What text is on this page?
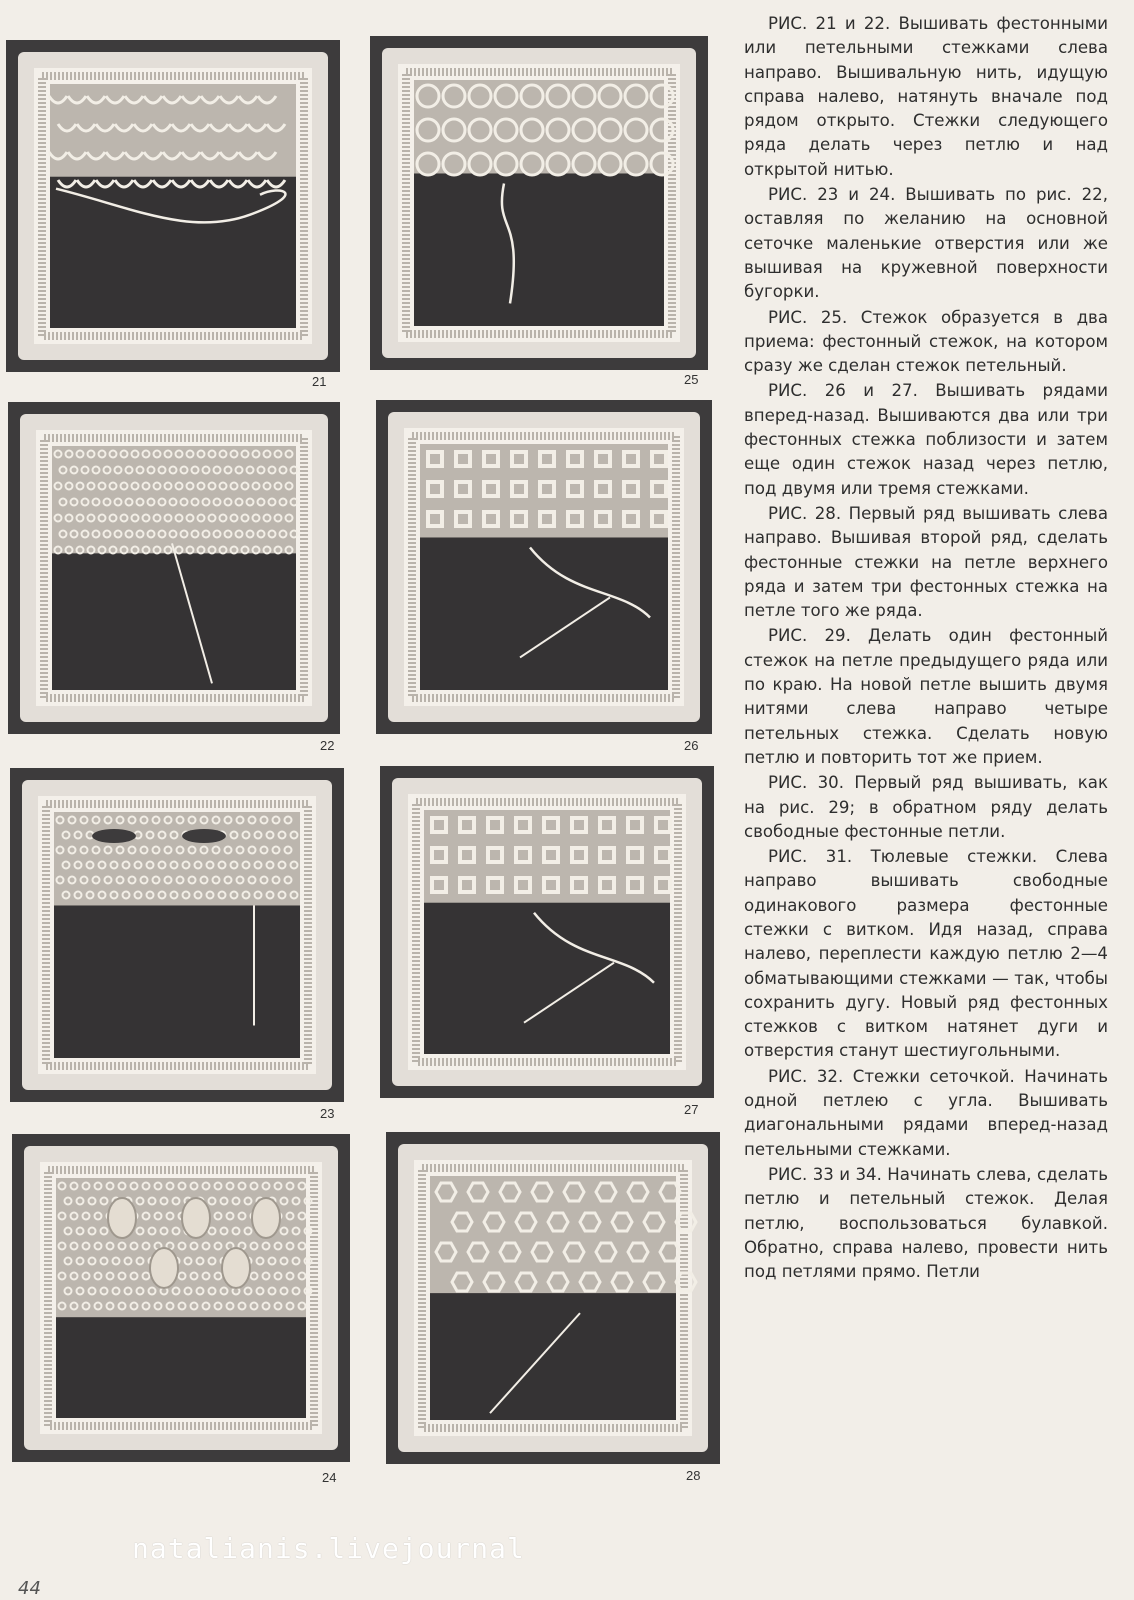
21	25
22	26
23	27
24	28

РИС. 21 и 22. Вышивать фестонными или петельными стежками слева направо. Вышивальную нить, идущую справа налево, натянуть вначале под рядом открыто. Стежки следующего ряда делать через петлю и над открытой нитью.

РИС. 23 и 24. Вышивать по рис. 22, оставляя по желанию на основной сеточке маленькие отверстия или же вышивая на кружевной поверхности бугорки.

РИС. 25. Стежок образуется в два приема: фестонный стежок, на котором сразу же сделан стежок петельный.

РИС. 26 и 27. Вышивать рядами вперед-назад. Вышиваются два или три фестонных стежка поблизости и затем еще один стежок назад через петлю, под двумя или тремя стежками.

РИС. 28. Первый ряд вышивать слева направо. Вышивая второй ряд, сделать фестонные стежки на петле верхнего ряда и затем три фестонных стежка на петле того же ряда.

РИС. 29. Делать один фестонный стежок на петле предыдущего ряда или по краю. На новой петле вышить двумя нитями слева направо четыре петельных стежка. Сделать новую петлю и повторить тот же прием.

РИС. 30. Первый ряд вышивать, как на рис. 29; в обратном ряду делать свободные фестонные петли.

РИС. 31. Тюлевые стежки. Слева направо вышивать свободные одинакового размера фестонные стежки с витком. Идя назад, справа налево, переплести каждую петлю 2—4 обматывающими стежками — так, чтобы сохранить дугу. Новый ряд фестонных стежков с витком натянет дуги и отверстия станут шестиугольными.

РИС. 32. Стежки сеточкой. Начинать одной петлею с угла. Вышивать диагональными рядами вперед-назад петельными стежками.

РИС. 33 и 34. Начинать слева, сделать петлю и петельный стежок. Делая петлю, воспользоваться булавкой. Обратно, справа налево, провести нить под петлями прямо. Петли

natalianis.livejournal
44
